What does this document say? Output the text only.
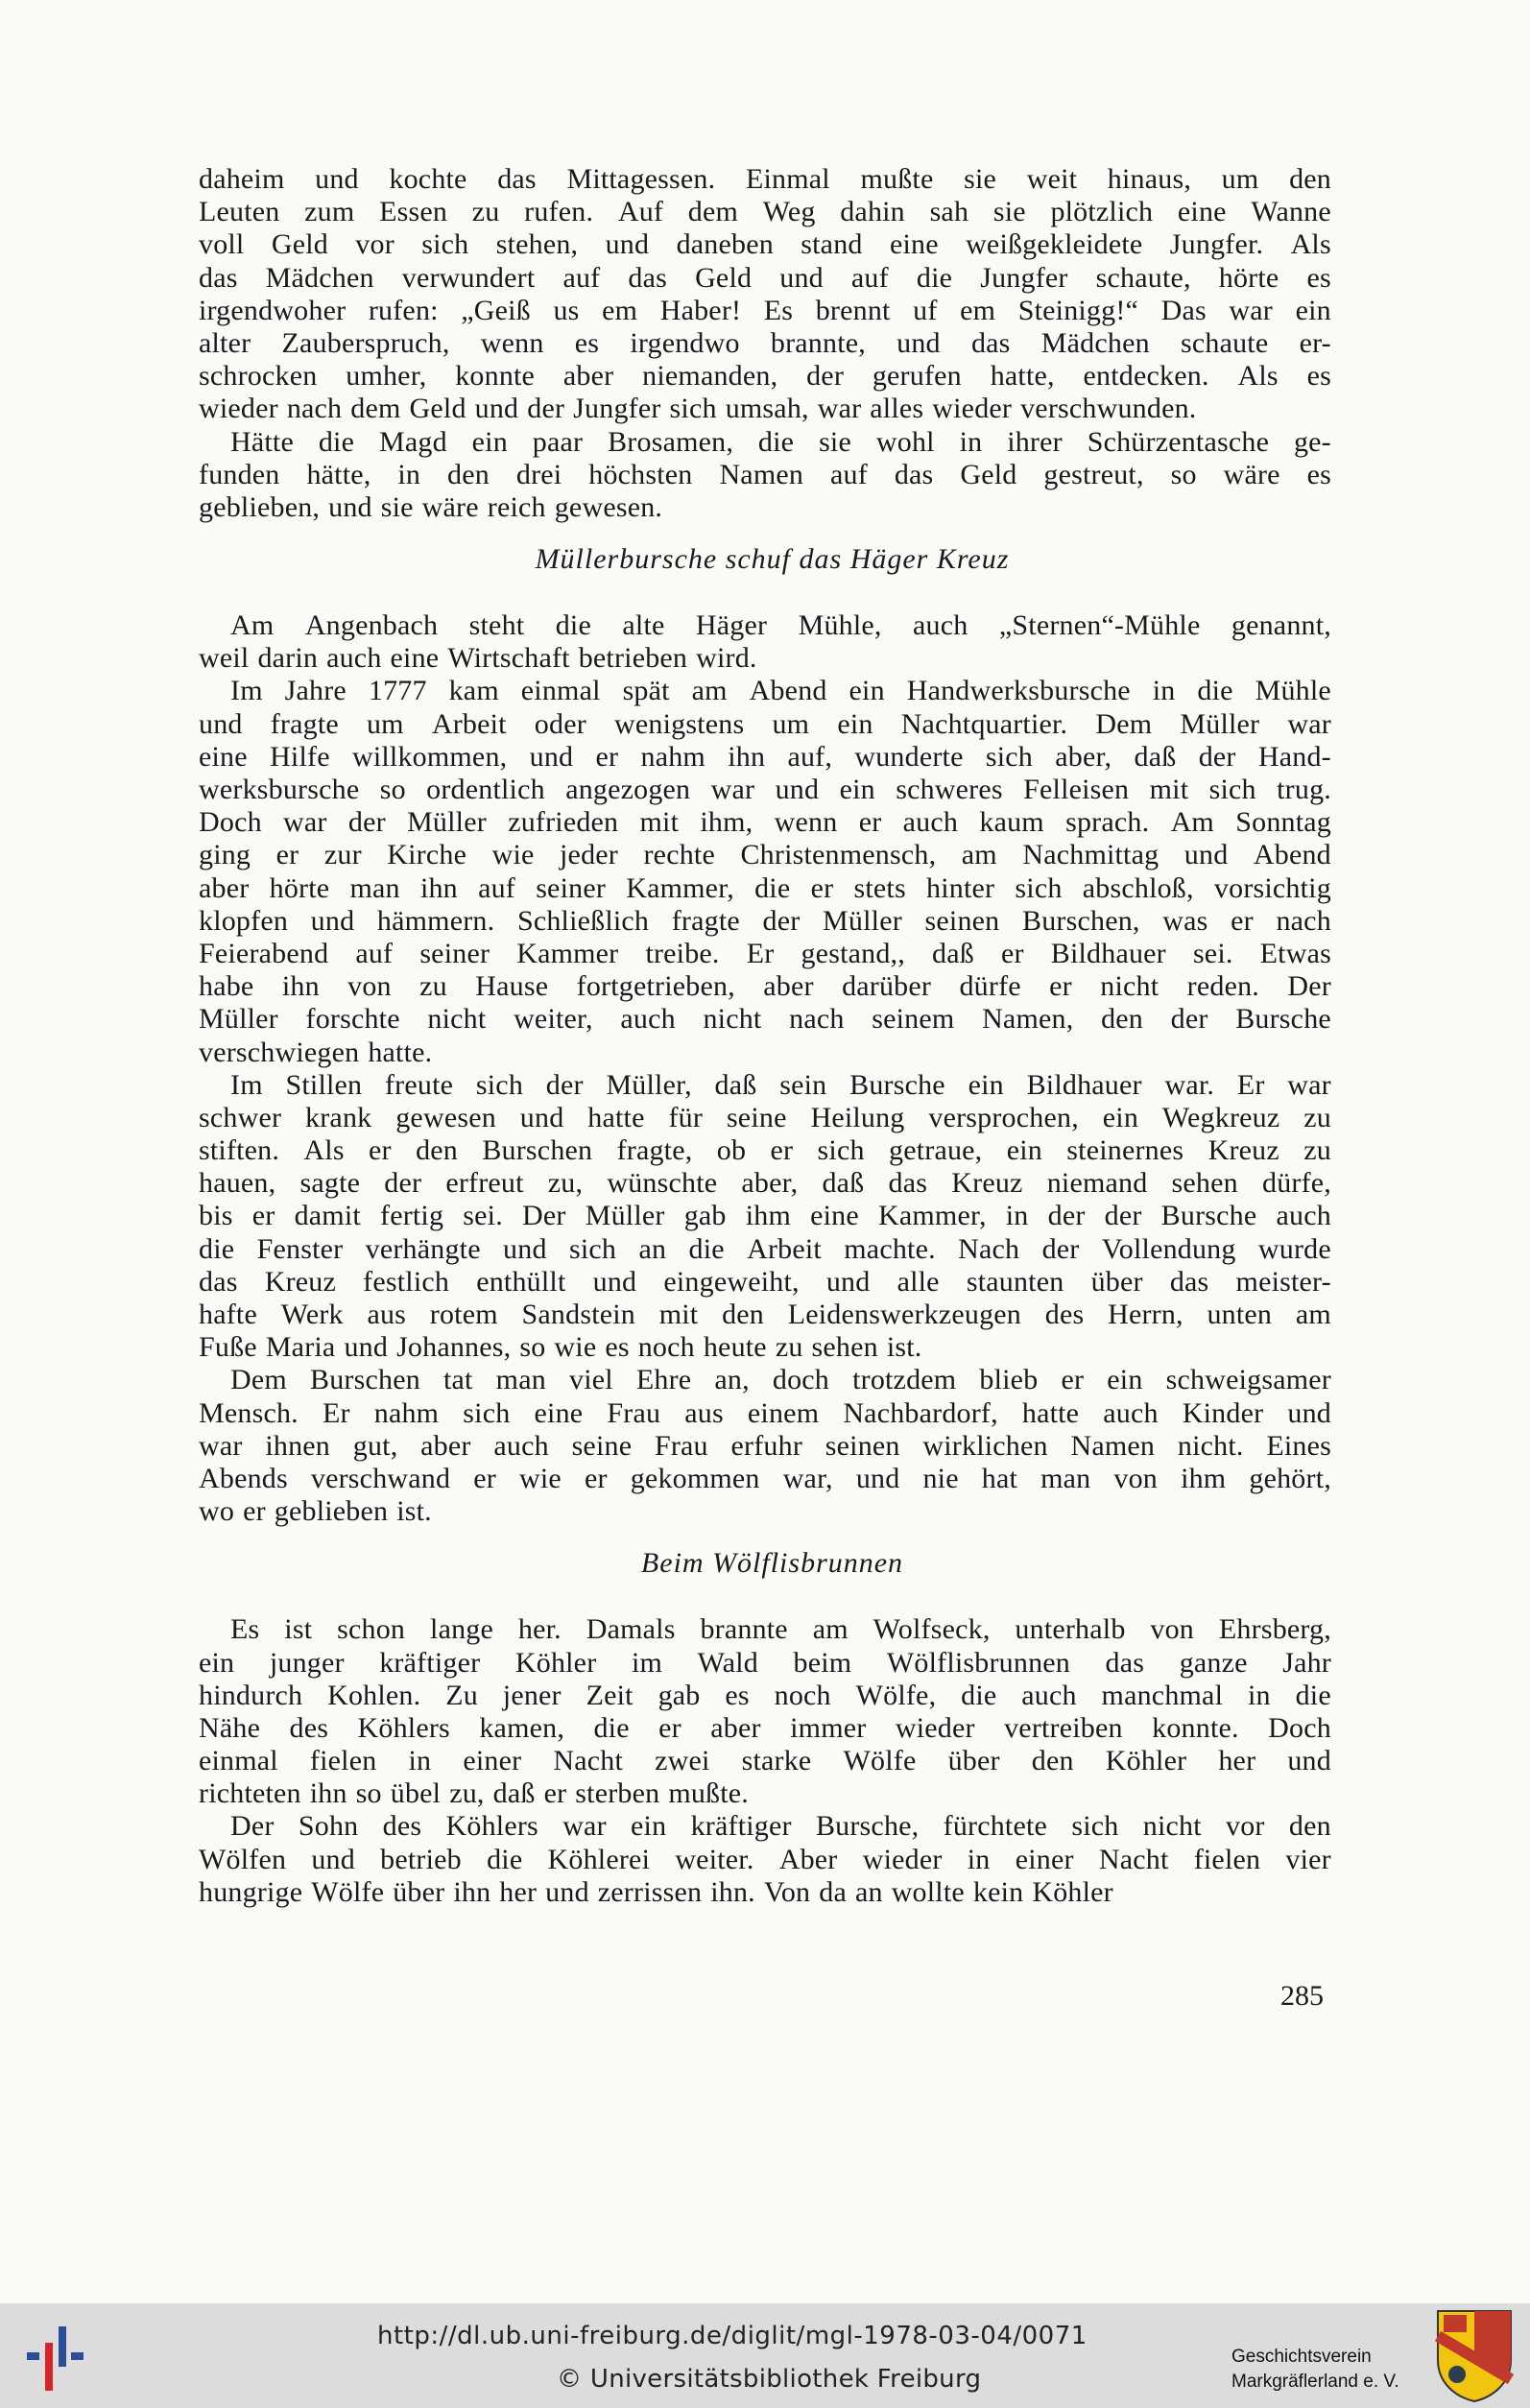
daheim und kochte das Mittagessen. Einmal mußte sie weit hinaus, um den
Leuten zum Essen zu rufen. Auf dem Weg dahin sah sie plötzlich eine Wanne
voll Geld vor sich stehen, und daneben stand eine weißgekleidete Jungfer. Als
das Mädchen verwundert auf das Geld und auf die Jungfer schaute, hörte es
irgendwoher rufen: „Geiß us em Haber! Es brennt uf em Steinigg!“ Das war ein
alter Zauberspruch, wenn es irgendwo brannte, und das Mädchen schaute er-
schrocken umher, konnte aber niemanden, der gerufen hatte, entdecken. Als es
wieder nach dem Geld und der Jungfer sich umsah, war alles wieder verschwunden.
Hätte die Magd ein paar Brosamen, die sie wohl in ihrer Schürzentasche ge-
funden hätte, in den drei höchsten Namen auf das Geld gestreut, so wäre es
geblieben, und sie wäre reich gewesen.
Müllerbursche schuf das Häger Kreuz
Am Angenbach steht die alte Häger Mühle, auch „Sternen“-Mühle genannt,
weil darin auch eine Wirtschaft betrieben wird.
Im Jahre 1777 kam einmal spät am Abend ein Handwerksbursche in die Mühle
und fragte um Arbeit oder wenigstens um ein Nachtquartier. Dem Müller war
eine Hilfe willkommen, und er nahm ihn auf, wunderte sich aber, daß der Hand-
werksbursche so ordentlich angezogen war und ein schweres Felleisen mit sich trug.
Doch war der Müller zufrieden mit ihm, wenn er auch kaum sprach. Am Sonntag
ging er zur Kirche wie jeder rechte Christenmensch, am Nachmittag und Abend
aber hörte man ihn auf seiner Kammer, die er stets hinter sich abschloß, vorsichtig
klopfen und hämmern. Schließlich fragte der Müller seinen Burschen, was er nach
Feierabend auf seiner Kammer treibe. Er gestand,, daß er Bildhauer sei. Etwas
habe ihn von zu Hause fortgetrieben, aber darüber dürfe er nicht reden. Der
Müller forschte nicht weiter, auch nicht nach seinem Namen, den der Bursche
verschwiegen hatte.
Im Stillen freute sich der Müller, daß sein Bursche ein Bildhauer war. Er war
schwer krank gewesen und hatte für seine Heilung versprochen, ein Wegkreuz zu
stiften. Als er den Burschen fragte, ob er sich getraue, ein steinernes Kreuz zu
hauen, sagte der erfreut zu, wünschte aber, daß das Kreuz niemand sehen dürfe,
bis er damit fertig sei. Der Müller gab ihm eine Kammer, in der der Bursche auch
die Fenster verhängte und sich an die Arbeit machte. Nach der Vollendung wurde
das Kreuz festlich enthüllt und eingeweiht, und alle staunten über das meister-
hafte Werk aus rotem Sandstein mit den Leidenswerkzeugen des Herrn, unten am
Fuße Maria und Johannes, so wie es noch heute zu sehen ist.
Dem Burschen tat man viel Ehre an, doch trotzdem blieb er ein schweigsamer
Mensch. Er nahm sich eine Frau aus einem Nachbardorf, hatte auch Kinder und
war ihnen gut, aber auch seine Frau erfuhr seinen wirklichen Namen nicht. Eines
Abends verschwand er wie er gekommen war, und nie hat man von ihm gehört,
wo er geblieben ist.
Beim Wölflisbrunnen
Es ist schon lange her. Damals brannte am Wolfseck, unterhalb von Ehrsberg,
ein junger kräftiger Köhler im Wald beim Wölflisbrunnen das ganze Jahr
hindurch Kohlen. Zu jener Zeit gab es noch Wölfe, die auch manchmal in die
Nähe des Köhlers kamen, die er aber immer wieder vertreiben konnte. Doch
einmal fielen in einer Nacht zwei starke Wölfe über den Köhler her und
richteten ihn so übel zu, daß er sterben mußte.
Der Sohn des Köhlers war ein kräftiger Bursche, fürchtete sich nicht vor den
Wölfen und betrieb die Köhlerei weiter. Aber wieder in einer Nacht fielen vier
hungrige Wölfe über ihn her und zerrissen ihn. Von da an wollte kein Köhler
285
http://dl.ub.uni-freiburg.de/diglit/mgl-1978-03-04/0071
© Universitätsbibliothek Freiburg
Geschichtsverein
Markgräflerland e. V.
